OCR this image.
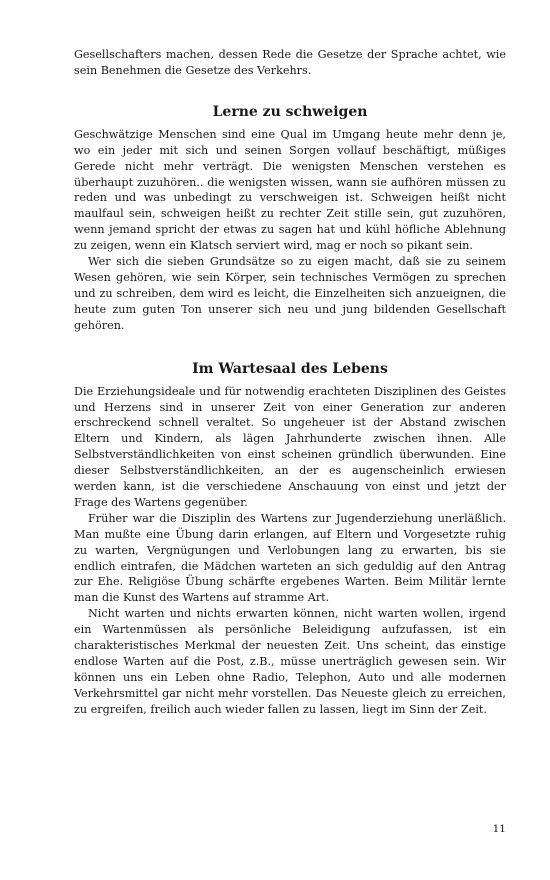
Gesellschafters machen, dessen Rede die Gesetze der Sprache achtet, wie sein Benehmen die Gesetze des Verkehrs.

Lerne zu schweigen

Geschwätzige Menschen sind eine Qual im Umgang heute mehr denn je, wo ein jeder mit sich und seinen Sorgen vollauf beschäftigt, müßiges Gerede nicht mehr verträgt. Die wenigsten Menschen verstehen es überhaupt zuzuhören.. die wenigsten wissen, wann sie aufhören müssen zu reden und was unbedingt zu verschweigen ist. Schweigen heißt nicht maulfaul sein, schweigen heißt zu rechter Zeit stille sein, gut zuzuhören, wenn jemand spricht der etwas zu sagen hat und kühl höfliche Ablehnung zu zeigen, wenn ein Klatsch serviert wird, mag er noch so pikant sein.

Wer sich die sieben Grundsätze so zu eigen macht, daß sie zu seinem Wesen gehören, wie sein Körper, sein technisches Vermögen zu sprechen und zu schreiben, dem wird es leicht, die Einzelheiten sich anzueignen, die heute zum guten Ton unserer sich neu und jung bildenden Gesellschaft gehören.

Im Wartesaal des Lebens

Die Erziehungsideale und für notwendig erachteten Disziplinen des Geistes und Herzens sind in unserer Zeit von einer Generation zur anderen erschreckend schnell veraltet. So ungeheuer ist der Abstand zwischen Eltern und Kindern, als lägen Jahrhunderte zwischen ihnen. Alle Selbstverständlichkeiten von einst scheinen gründlich überwunden. Eine dieser Selbstverständlichkeiten, an der es augenscheinlich erwiesen werden kann, ist die verschiedene Anschauung von einst und jetzt der Frage des Wartens gegenüber.

Früher war die Disziplin des Wartens zur Jugenderziehung unerläßlich. Man mußte eine Übung darin erlangen, auf Eltern und Vorgesetzte ruhig zu warten, Vergnügungen und Verlobungen lang zu erwarten, bis sie endlich eintrafen, die Mädchen warteten an sich geduldig auf den Antrag zur Ehe. Religiöse Übung schärfte ergebenes Warten. Beim Militär lernte man die Kunst des Wartens auf stramme Art.

Nicht warten und nichts erwarten können, nicht warten wollen, irgend ein Wartenmüssen als persönliche Beleidigung aufzufassen, ist ein charakteristisches Merkmal der neuesten Zeit. Uns scheint, das einstige endlose Warten auf die Post, z.B., müsse unerträglich gewesen sein. Wir können uns ein Leben ohne Radio, Telephon, Auto und alle modernen Verkehrsmittel gar nicht mehr vorstellen. Das Neueste gleich zu erreichen, zu ergreifen, freilich auch wieder fallen zu lassen, liegt im Sinn der Zeit.

11
